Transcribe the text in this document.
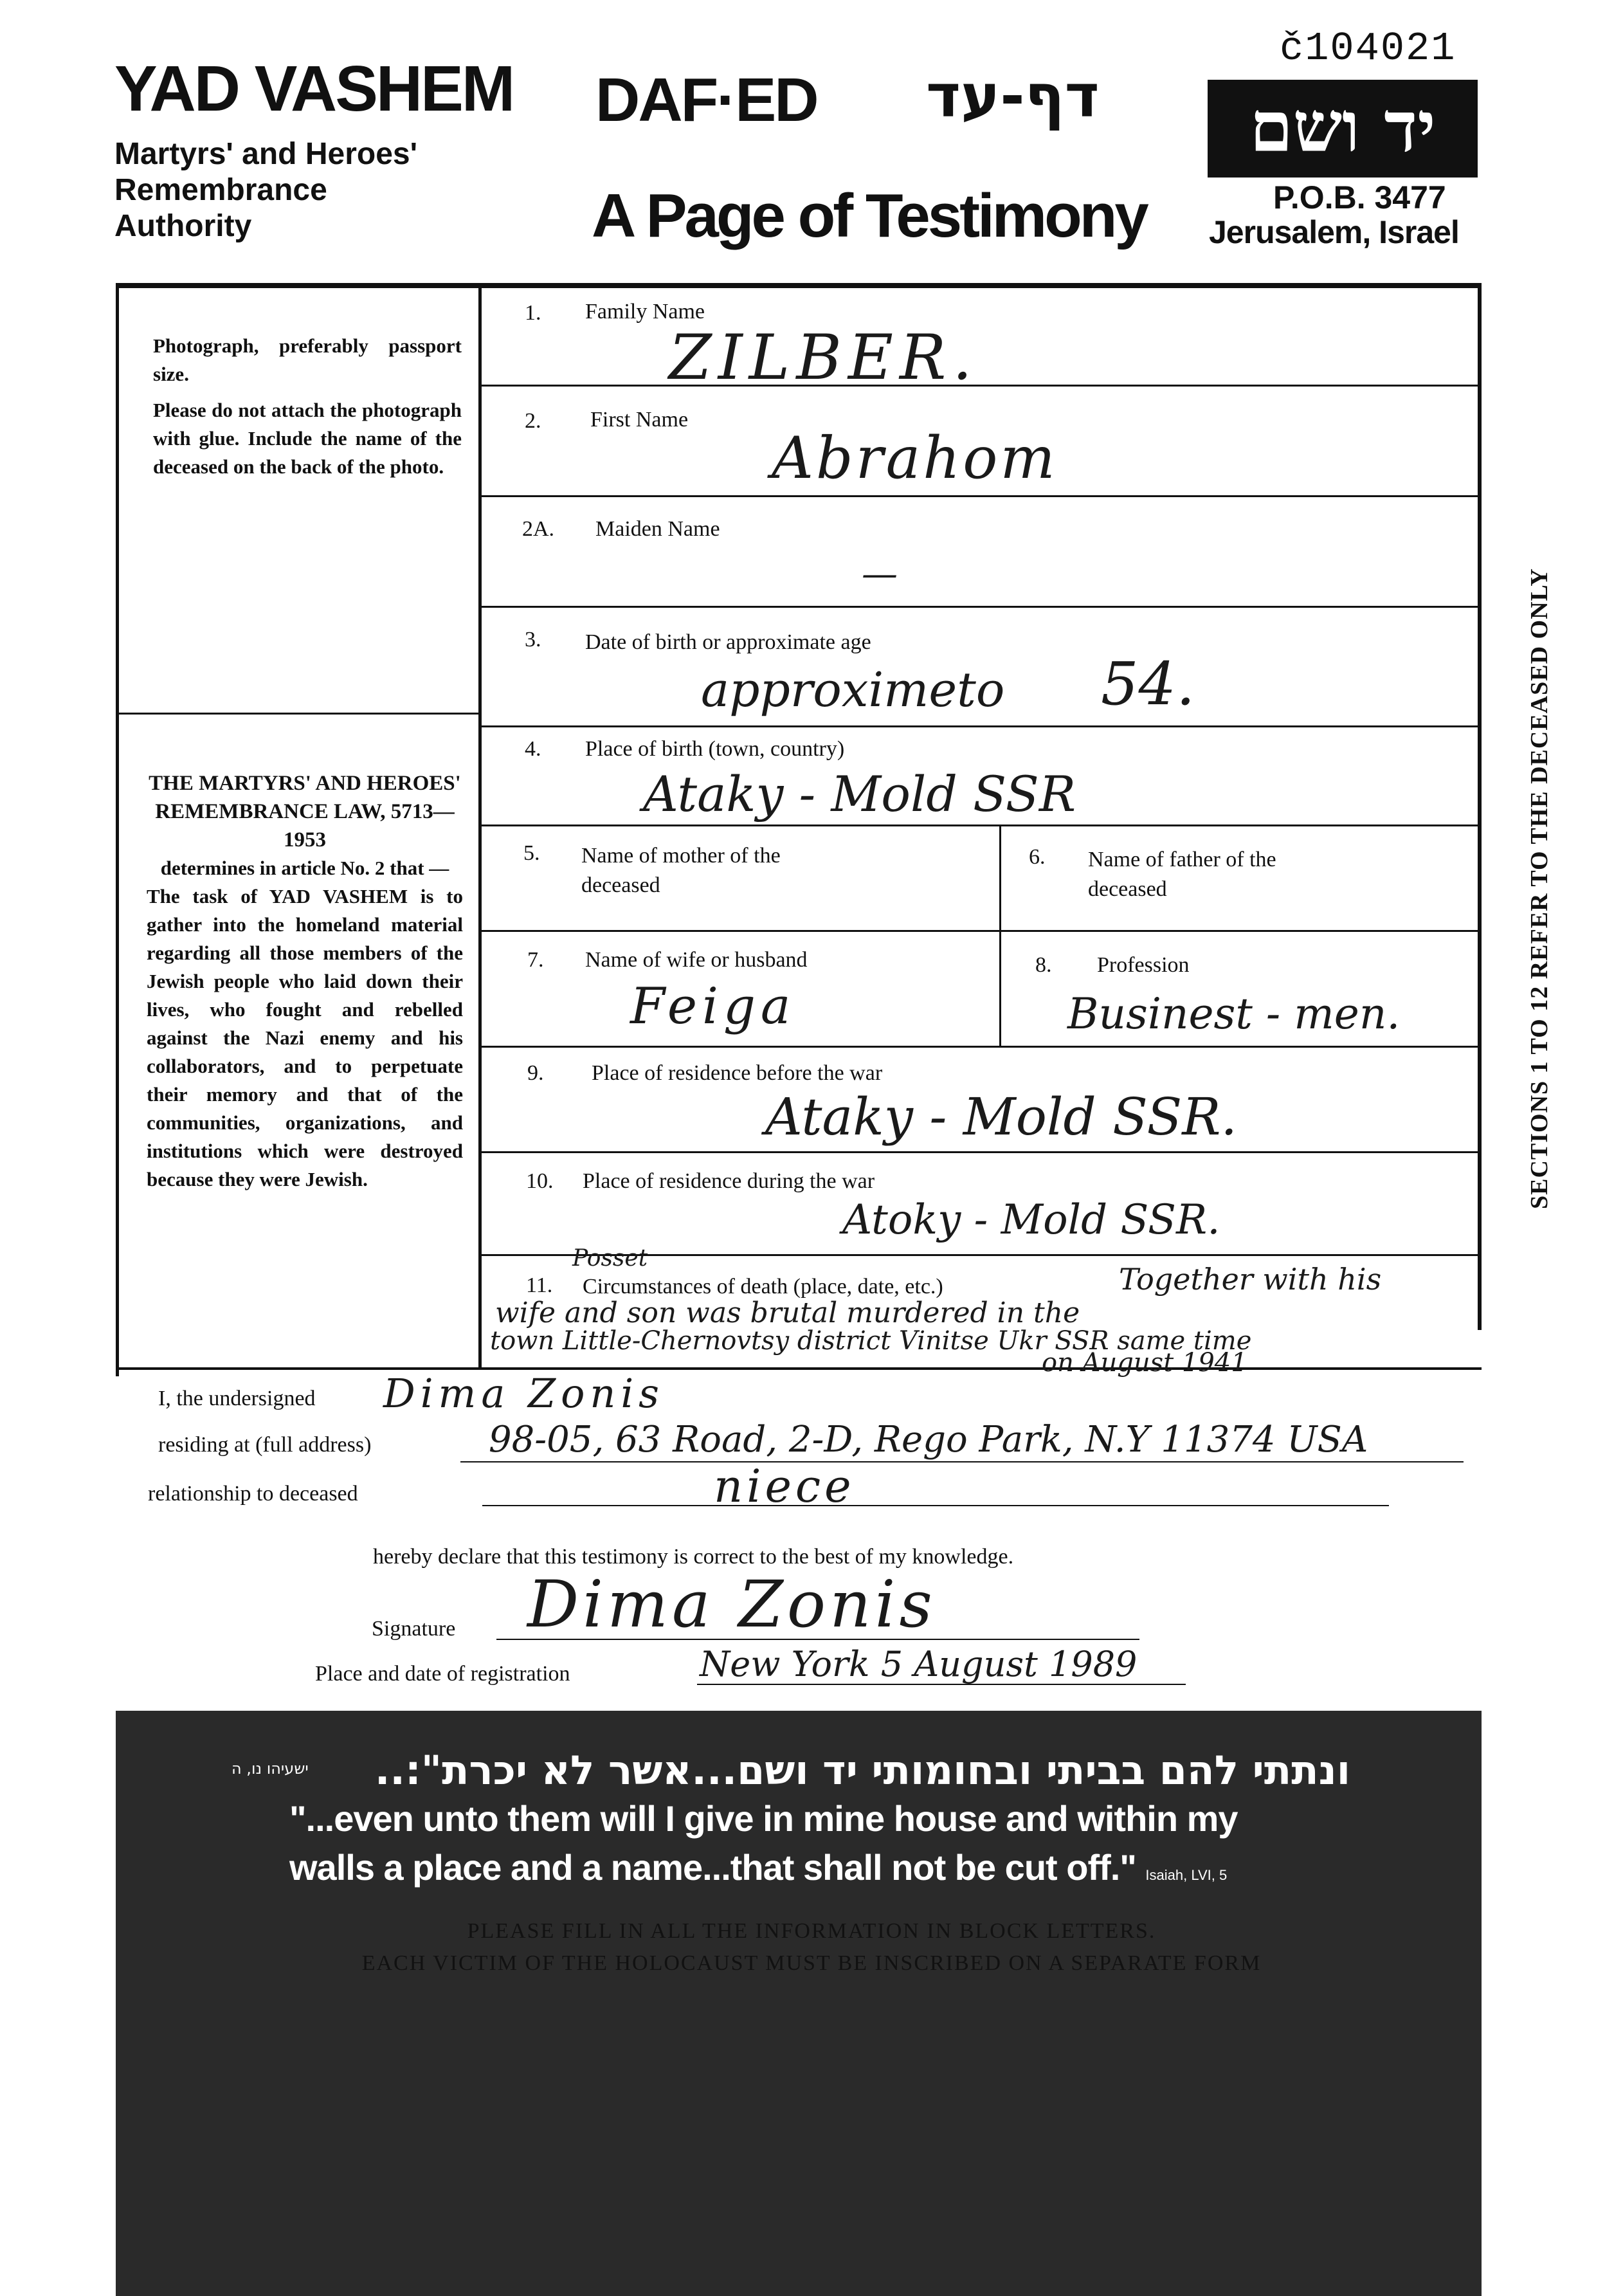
č104021
YAD VASHEM
Martyrs' and Heroes'
Remembrance
Authority
DAF·ED דף-עד
A Page of Testimony
יד ושם
P.O.B. 3477
Jerusalem, Israel

Photograph, preferably passport size.

Please do not attach the photograph with glue. Include the name of the deceased on the back of the photo.

THE MARTYRS' AND HEROES' REMEMBRANCE LAW, 5713—1953
determines in article No. 2 that —
The task of YAD VASHEM is to gather into the homeland material regarding all those members of the Jewish people who laid down their lives, who fought and rebelled against the Nazi enemy and his collaborators, and to perpetuate their memory and that of the communities, organizations, and institutions which were destroyed because they were Jewish.
1. Family Name
ZILBER.
2. First Name
Abrahom
2A. Maiden Name
—
3. Date of birth or approximate age
approximeto 54.
4. Place of birth (town, country)
Ataky - Mold SSR
5. Name of mother of the
deceased
6. Name of father of the
deceased
7. Name of wife or husband
Feiga
8. Profession
Businest - men.
9. Place of residence before the war
Ataky - Mold SSR.
10. Place of residence during the war
Atoky - Mold SSR.
11. Circumstances of death (place, date, etc.)
Posset
Together with his
wife and son was brutal murdered in the
town Little-Chernovtsy district Vinitse Ukr SSR same time
on August 1941
I, the undersigned Dima Zonis
residing at (full address)	98-05, 63 Road, 2-D, Rego Park, N.Y 11374 USA
relationship to deceased	niece
hereby declare that this testimony is correct to the best of my knowledge.
Signature Dima Zonis
Place and date of registration	New York 5 August 1989
SECTIONS 1 TO 12 REFER TO THE DECEASED ONLY
ונתתי להם בביתי ובחומותי יד ושם...אשר לא יכרת":..
ישעיהו נו, ה
"...even unto them will I give in mine house and within my
walls a place and a name...that shall not be cut off." Isaiah, LVI, 5
PLEASE FILL IN ALL THE INFORMATION IN BLOCK LETTERS.
EACH VICTIM OF THE HOLOCAUST MUST BE INSCRIBED ON A SEPARATE FORM
